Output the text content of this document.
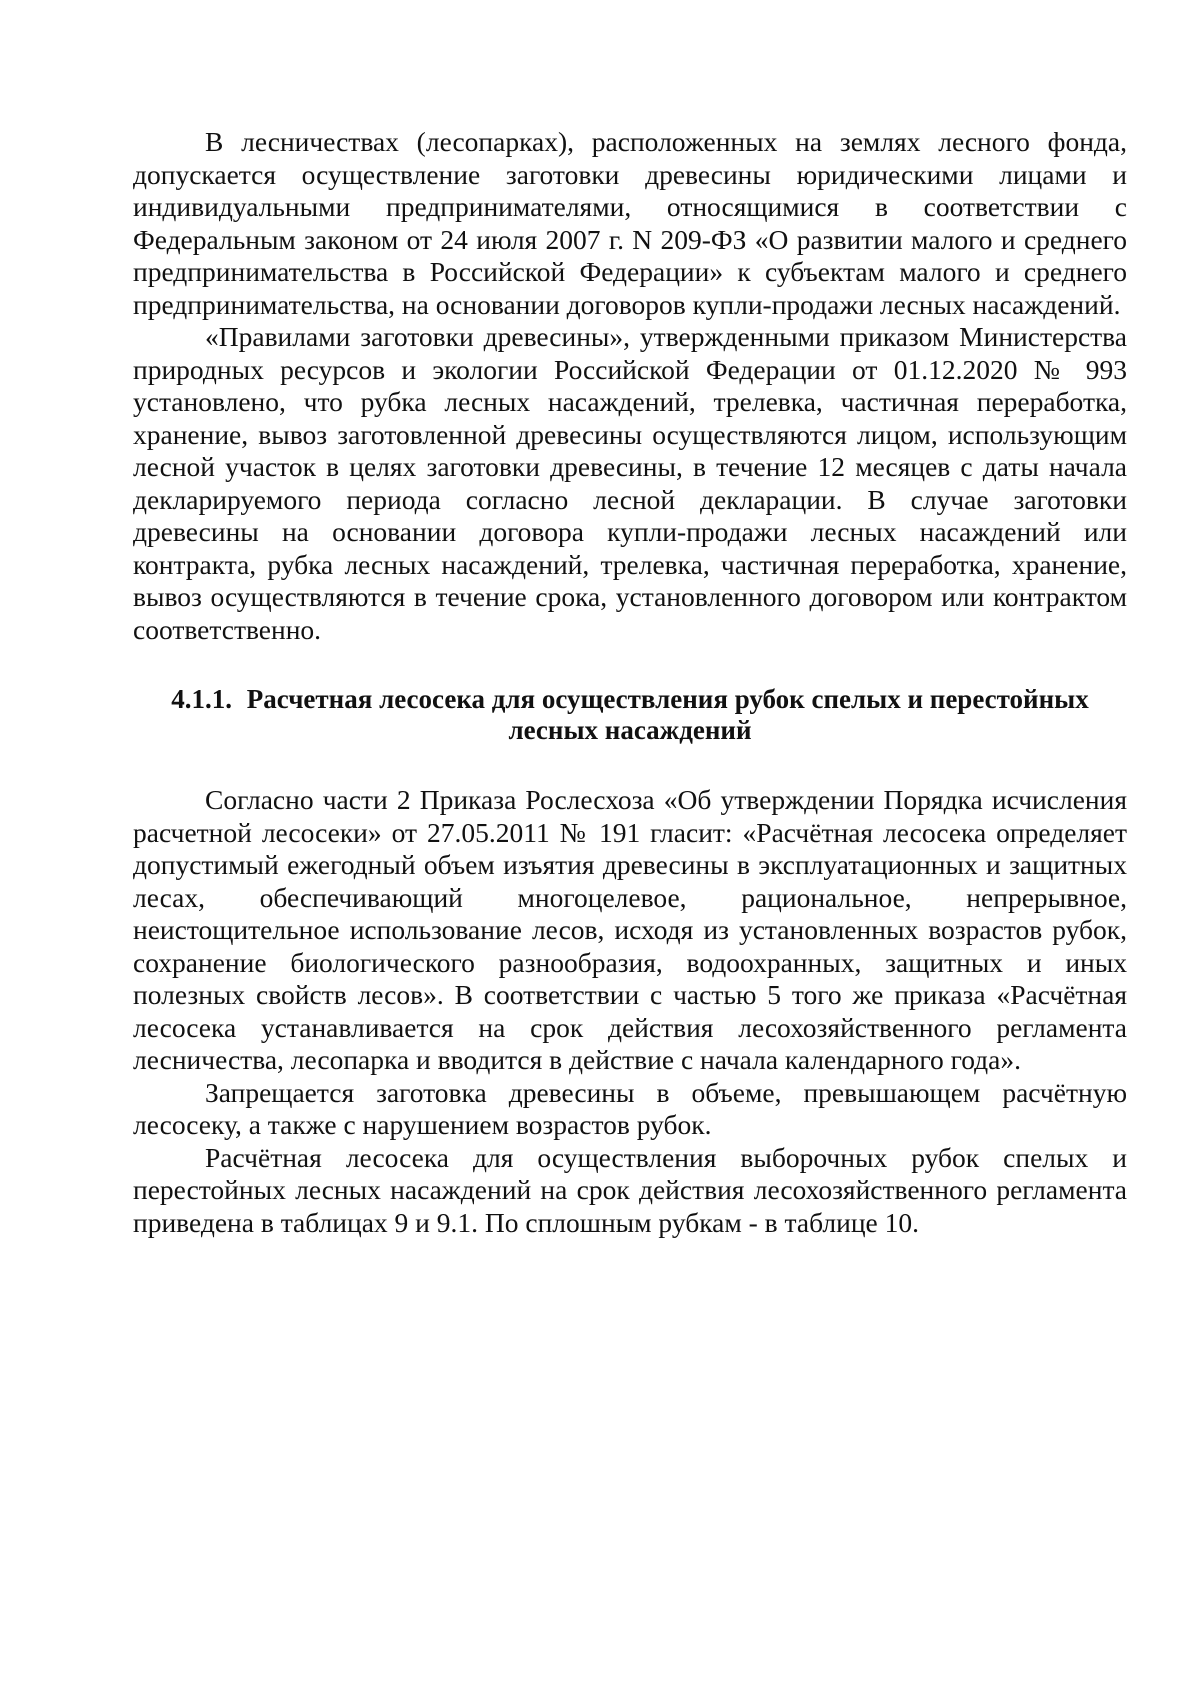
В лесничествах (лесопарках), расположенных на землях лесного фонда, допускается осуществление заготовки древесины юридическими лицами и индивидуальными предпринимателями, относящимися в соответствии с Федеральным законом от 24 июля 2007 г. N 209-ФЗ «О развитии малого и среднего предпринимательства в Российской Федерации» к субъектам малого и среднего предпринимательства, на основании договоров купли-продажи лесных насаждений.

«Правилами заготовки древесины», утвержденными приказом Министерства природных ресурсов и экологии Российской Федерации от 01.12.2020 № 993 установлено, что рубка лесных насаждений, трелевка, частичная переработка, хранение, вывоз заготовленной древесины осуществляются лицом, использующим лесной участок в целях заготовки древесины, в течение 12 месяцев с даты начала декларируемого периода согласно лесной декларации. В случае заготовки древесины на основании договора купли-продажи лесных насаждений или контракта, рубка лесных насаждений, трелевка, частичная переработка, хранение, вывоз осуществляются в течение срока, установленного договором или контрактом соответственно.

4.1.1. Расчетная лесосека для осуществления рубок спелых и перестойных лесных насаждений

Согласно части 2 Приказа Рослесхоза «Об утверждении Порядка исчисления расчетной лесосеки» от 27.05.2011 № 191 гласит: «Расчётная лесосека определяет допустимый ежегодный объем изъятия древесины в эксплуатационных и защитных лесах, обеспечивающий многоцелевое, рациональное, непрерывное, неистощительное использование лесов, исходя из установленных возрастов рубок, сохранение биологического разнообразия, водоохранных, защитных и иных полезных свойств лесов». В соответствии с частью 5 того же приказа «Расчётная лесосека устанавливается на срок действия лесохозяйственного регламента лесничества, лесопарка и вводится в действие с начала календарного года».

Запрещается заготовка древесины в объеме, превышающем расчётную лесосеку, а также с нарушением возрастов рубок.

Расчётная лесосека для осуществления выборочных рубок спелых и перестойных лесных насаждений на срок действия лесохозяйственного регламента приведена в таблицах 9 и 9.1. По сплошным рубкам - в таблице 10.
